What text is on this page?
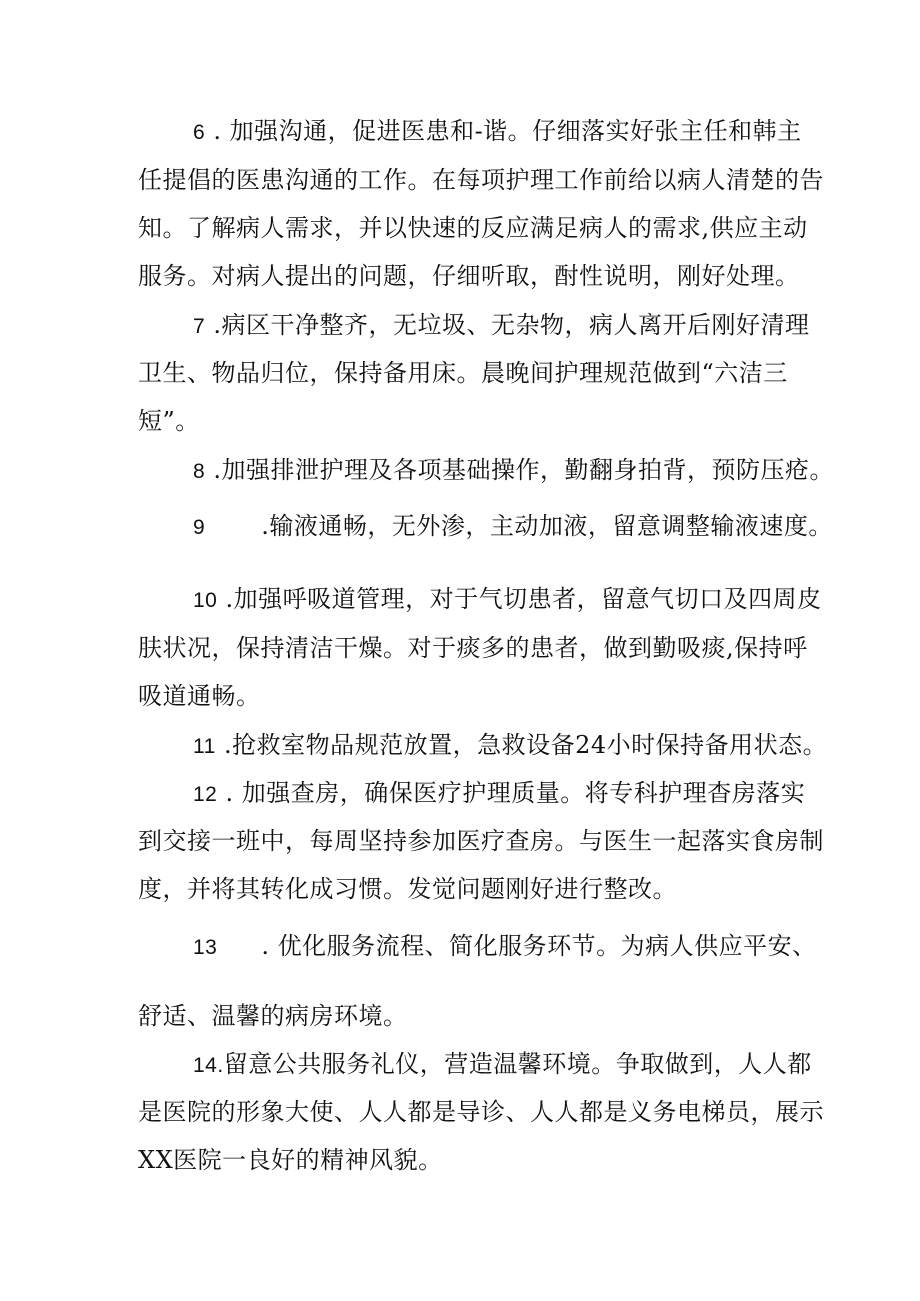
6 . 加强沟通，促进医患和-谐。仔细落实好张主任和韩主
任提倡的医患沟通的工作。在每项护理工作前给以病人清楚的告
知。了解病人需求，并以快速的反应满足病人的需求,供应主动
服务。对病人提出的问题，仔细听取，酎性说明，刚好处理。
7 .病区干净整齐，无垃圾、无杂物，病人离开后刚好清理
卫生、物品归位，保持备用床。晨晚间护理规范做到“六洁三
短”。
8 .加强排泄护理及各项基础操作，勤翻身拍背，预防压疮。
9 .输液通畅，无外渗，主动加液，留意调整输液速度。
10 .加强呼吸道管理，对于气切患者，留意气切口及四周皮
肤状况，保持清洁干燥。对于痰多的患者，做到勤吸痰,保持呼
吸道通畅。
11 .抢救室物品规范放置，急救设备24小时保持备用状态。
12 . 加强查房，确保医疗护理质量。将专科护理杳房落实
到交接一班中，每周坚持参加医疗查房。与医生一起落实食房制
度，并将其转化成习惯。发觉问题刚好进行整改。
13 . 优化服务流程、简化服务环节。为病人供应平安、
舒适、温馨的病房环境。
14.留意公共服务礼仪，营造温馨环境。争取做到，人人都
是医院的形象大使、人人都是导诊、人人都是义务电梯员，展示
XX医院一良好的精神风貌。
